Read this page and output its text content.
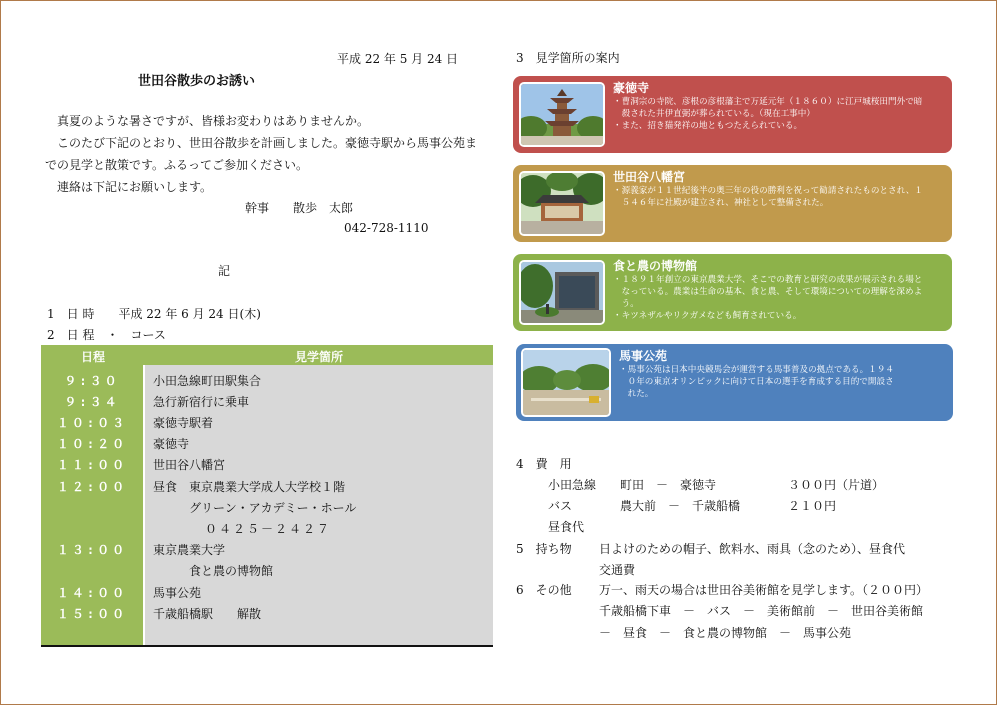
平成 22 年 5 月 24 日
世田谷散歩のお誘い
真夏のような暑さですが、皆様お変わりはありませんか。
このたび下記のとおり、世田谷散歩を計画しました。豪徳寺駅から馬事公苑ま
での見学と散策です。ふるってご参加ください。
連絡は下記にお願いします。
幹事　　散歩　太郎
042-728-1110
記
1　日 時　　平成 22 年 6 月 24 日(木)
2　日 程　・　コース
日程	見学箇所
９:３０	小田急線町田駅集合
９:３４	急行新宿行に乗車
１０:０３	豪徳寺駅着
１０:２０	豪徳寺
１１:００	世田谷八幡宮
１２:００	昼食　東京農業大学成人大学校１階
グリーン・アカデミー・ホール
０４２５－２４２７
１３:００	東京農業大学
食と農の博物館
１４:００	馬事公苑
１５:００	千歳船橋駅　　解散
3　見学箇所の案内
豪徳寺
・曹洞宗の寺院、彦根の彦根藩主で万延元年（１８６０）に江戸城桜田門外で暗
　殺された井伊直弼が葬られている。（現在工事中）
・また、招き猫発祥の地ともつたえられている。
世田谷八幡宮
・源義家が１１世紀後半の奥三年の役の勝利を祝って勧請されたものとされ、１
　５４６年に社殿が建立され、神社として整備された。
食と農の博物館
・１８９１年創立の東京農業大学、そこでの教育と研究の成果が展示される場と
　なっている。農業は生命の基本、食と農、そして環境についての理解を深めよ
　う。
・キツネザルやリクガメなども飼育されている。
馬事公苑
・馬事公苑は日本中央競馬会が運営する馬事普及の拠点である。１９４
　０年の東京オリンピックに向けて日本の選手を育成する目的で開設さ
　れた。
4　費　用
小田急線　　町田　－　豪徳寺	３００円（片道）
バス　　　　農大前　－　千歳船橋	２１０円
昼食代
5　持ち物 日よけのための帽子、飲料水、雨具（念のため）、昼食代
交通費
6　その他 万一、雨天の場合は世田谷美術館を見学します。（２００円）
千歳船橋下車　－　バス　－　美術館前　－　世田谷美術館
－　昼食　－　食と農の博物館　－　馬事公苑
